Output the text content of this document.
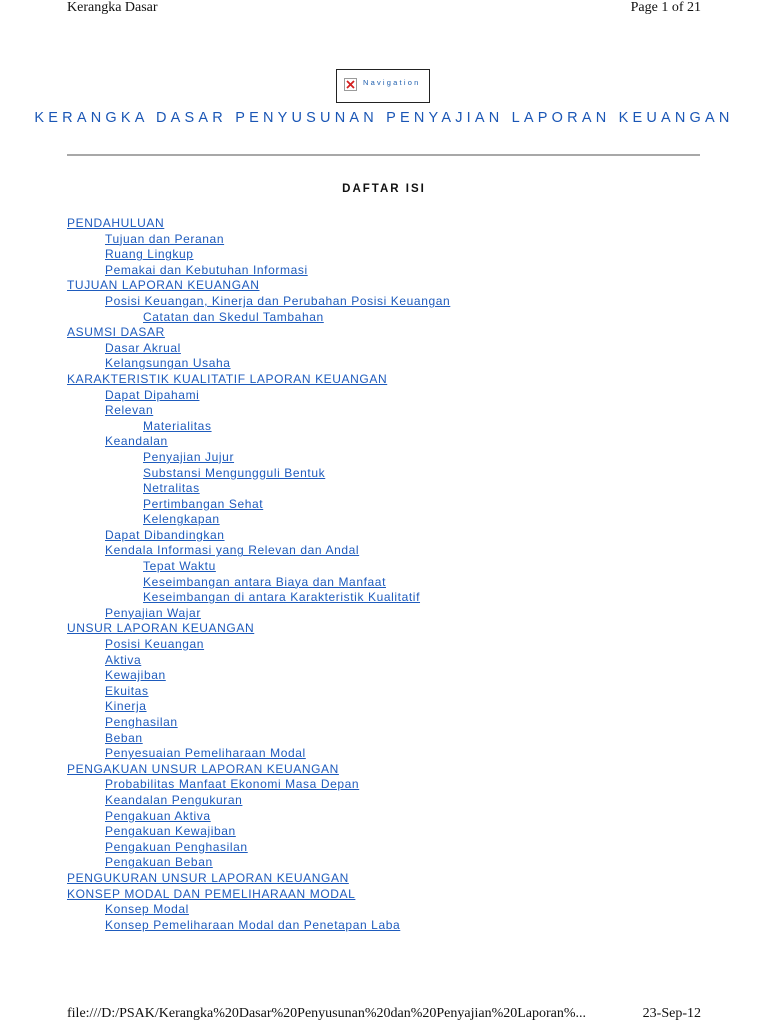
Kerangka Dasar	Page 1 of 21
Navigation
KERANGKA DASAR PENYUSUNAN PENYAJIAN LAPORAN KEUANGAN
DAFTAR ISI
PENDAHULUAN
Tujuan dan Peranan
Ruang Lingkup
Pemakai dan Kebutuhan Informasi
TUJUAN LAPORAN KEUANGAN
Posisi Keuangan, Kinerja dan Perubahan Posisi Keuangan
Catatan dan Skedul Tambahan
ASUMSI DASAR
Dasar Akrual
Kelangsungan Usaha
KARAKTERISTIK KUALITATIF LAPORAN KEUANGAN
Dapat Dipahami
Relevan
Materialitas
Keandalan
Penyajian Jujur
Substansi Mengungguli Bentuk
Netralitas
Pertimbangan Sehat
Kelengkapan
Dapat Dibandingkan
Kendala Informasi yang Relevan dan Andal
Tepat Waktu
Keseimbangan antara Biaya dan Manfaat
Keseimbangan di antara Karakteristik Kualitatif
Penyajian Wajar
UNSUR LAPORAN KEUANGAN
Posisi Keuangan
Aktiva
Kewajiban
Ekuitas
Kinerja
Penghasilan
Beban
Penyesuaian Pemeliharaan Modal
PENGAKUAN UNSUR LAPORAN KEUANGAN
Probabilitas Manfaat Ekonomi Masa Depan
Keandalan Pengukuran
Pengakuan Aktiva
Pengakuan Kewajiban
Pengakuan Penghasilan
Pengakuan Beban
PENGUKURAN UNSUR LAPORAN KEUANGAN
KONSEP MODAL DAN PEMELIHARAAN MODAL
Konsep Modal
Konsep Pemeliharaan Modal dan Penetapan Laba
file:///D:/PSAK/Kerangka%20Dasar%20Penyusunan%20dan%20Penyajian%20Laporan%...	23-Sep-12
